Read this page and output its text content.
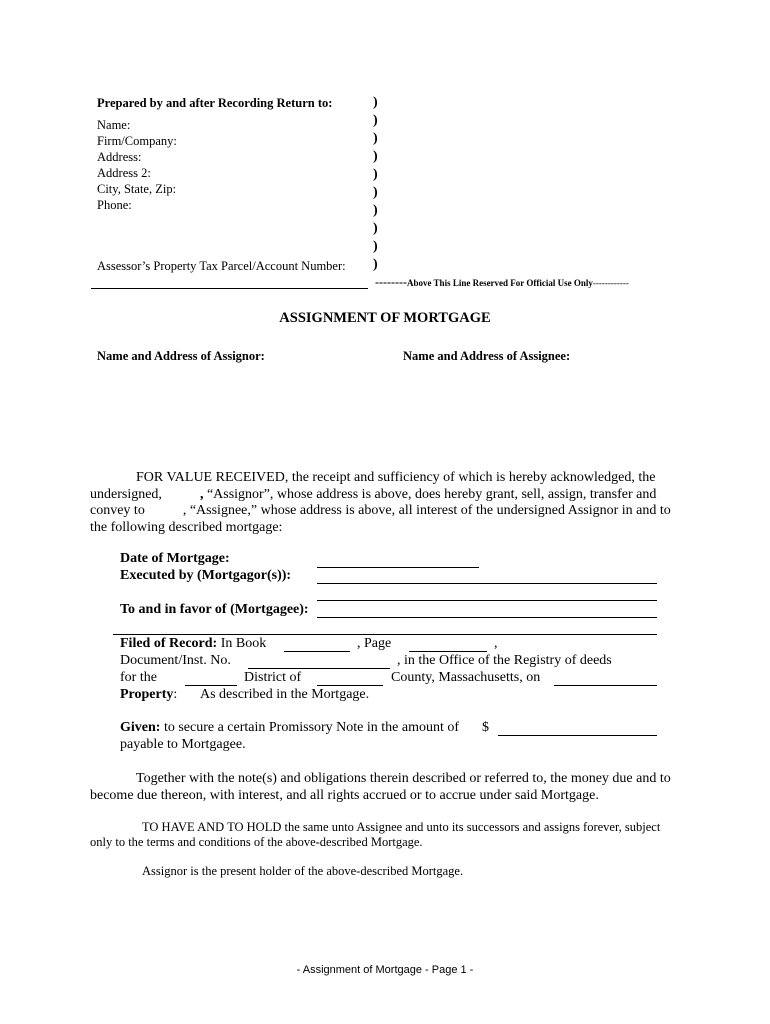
Prepared by and after Recording Return to:
Name:
Firm/Company:
Address:
Address 2:
City, State, Zip:
Phone:
)
)
)
)
)
)
)
)
)
)
Assessor’s Property Tax Parcel/Account Number:
--------Above This Line Reserved For Official Use Only------------
ASSIGNMENT OF MORTGAGE
Name and Address of Assignor:	Name and Address of Assignee:
FOR VALUE RECEIVED, the receipt and sufficiency of which is hereby acknowledged, the
undersigned,	, “Assignor”, whose address is above, does hereby grant, sell, assign, transfer and
convey to	, “Assignee,” whose address is above, all interest of the undersigned Assignor in and to
the following described mortgage:
Date of Mortgage:
Executed by (Mortgagor(s)):
To and in favor of (Mortgagee):
Filed of Record: In Book	, Page	,
Document/Inst. No.	, in the Office of the Registry of deeds
for the	District of	County, Massachusetts, on
Property: As described in the Mortgage.
Given: to secure a certain Promissory Note in the amount of $
payable to Mortgagee.
Together with the note(s) and obligations therein described or referred to, the money due and to
become due thereon, with interest, and all rights accrued or to accrue under said Mortgage.
TO HAVE AND TO HOLD the same unto Assignee and unto its successors and assigns forever, subject
only to the terms and conditions of the above-described Mortgage.
Assignor is the present holder of the above-described Mortgage.
- Assignment of Mortgage - Page 1 -
